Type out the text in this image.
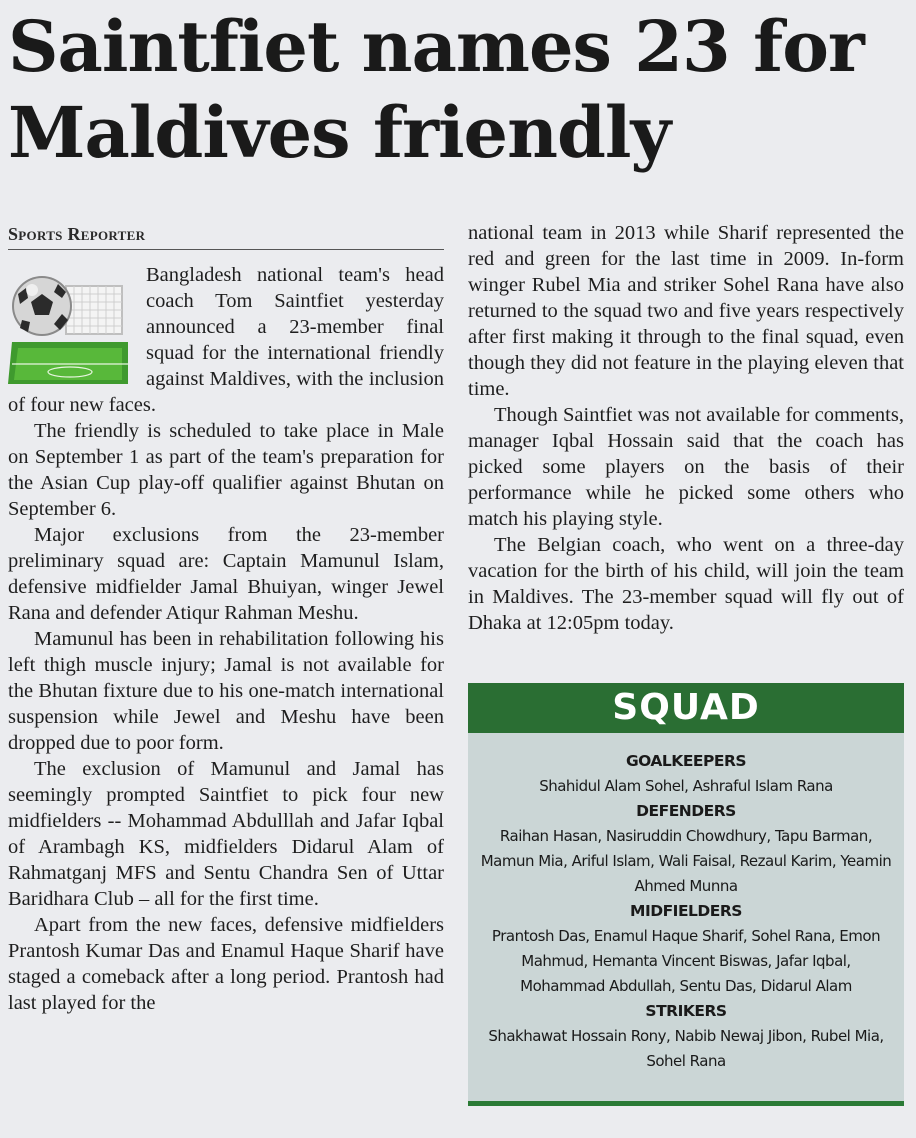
Saintfiet names 23 for
Maldives friendly
Sports Reporter

Bangladesh national team's head coach Tom Saintfiet yesterday announced a 23-member final squad for the international friendly against Maldives, with the inclusion of four new faces.

The friendly is scheduled to take place in Male on September 1 as part of the team's preparation for the Asian Cup play-off qualifier against Bhutan on September 6.

Major exclusions from the 23-member preliminary squad are: Captain Mamunul Islam, defensive midfielder Jamal Bhuiyan, winger Jewel Rana and defender Atiqur Rahman Meshu.

Mamunul has been in rehabilitation following his left thigh muscle injury; Jamal is not available for the Bhutan fixture due to his one-match international suspension while Jewel and Meshu have been dropped due to poor form.

The exclusion of Mamunul and Jamal has seemingly prompted Saintfiet to pick four new midfielders -- Mohammad Abdulllah and Jafar Iqbal of Arambagh KS, midfielders Didarul Alam of Rahmatganj MFS and Sentu Chandra Sen of Uttar Baridhara Club – all for the first time.

Apart from the new faces, defensive midfielders Prantosh Kumar Das and Enamul Haque Sharif have staged a comeback after a long period. Prantosh had last played for the

national team in 2013 while Sharif represented the red and green for the last time in 2009. In-form winger Rubel Mia and striker Sohel Rana have also returned to the squad two and five years respectively after first making it through to the final squad, even though they did not feature in the playing eleven that time.

Though Saintfiet was not available for comments, manager Iqbal Hossain said that the coach has picked some players on the basis of their performance while he picked some others who match his playing style.

The Belgian coach, who went on a three-day vacation for the birth of his child, will join the team in Maldives. The 23-member squad will fly out of Dhaka at 12:05pm today.

SQUAD
GOALKEEPERS
Shahidul Alam Sohel, Ashraful Islam Rana
DEFENDERS
Raihan Hasan, Nasiruddin Chowdhury, Tapu Barman, Mamun Mia, Ariful Islam, Wali Faisal, Rezaul Karim, Yeamin Ahmed Munna
MIDFIELDERS
Prantosh Das, Enamul Haque Sharif, Sohel Rana, Emon Mahmud, Hemanta Vincent Biswas, Jafar Iqbal, Mohammad Abdullah, Sentu Das, Didarul Alam
STRIKERS
Shakhawat Hossain Rony, Nabib Newaj Jibon, Rubel Mia, Sohel Rana
